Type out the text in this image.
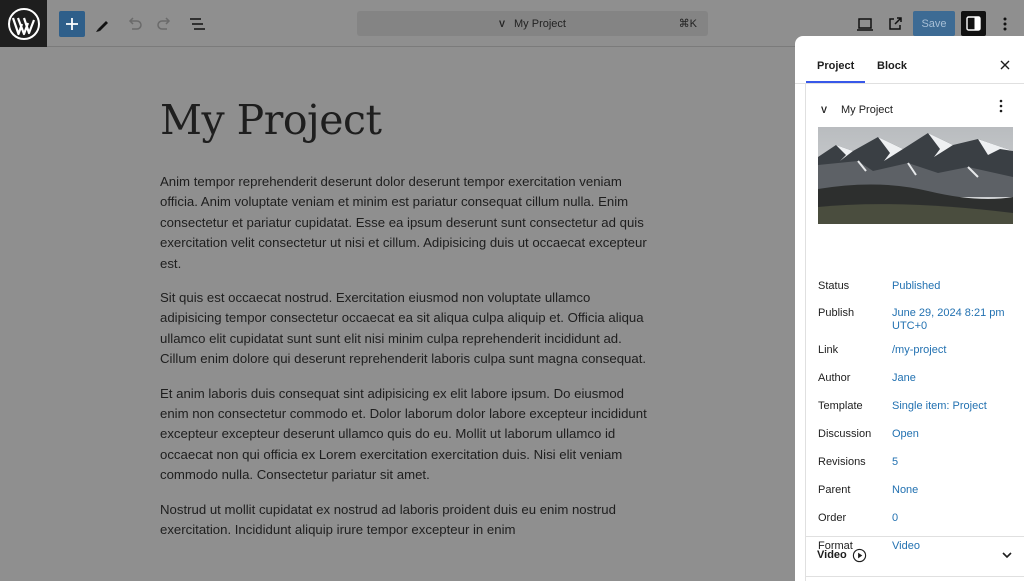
V My Project	⌘K	Save
My Project

Anim tempor reprehenderit deserunt dolor deserunt tempor exercitation veniam officia. Anim voluptate veniam et minim est pariatur consequat cillum nulla. Enim consectetur et pariatur cupidatat. Esse ea ipsum deserunt sunt consectetur ad quis exercitation velit consectetur ut nisi et cillum. Adipisicing duis ut occaecat excepteur est.

Sit quis est occaecat nostrud. Exercitation eiusmod non voluptate ullamco adipisicing tempor consectetur occaecat ea sit aliqua culpa aliquip et. Officia aliqua ullamco elit cupidatat sunt sunt elit nisi minim culpa reprehenderit incididunt ad. Cillum enim dolore qui deserunt reprehenderit laboris culpa sunt magna consequat.

Et anim laboris duis consequat sint adipisicing ex elit labore ipsum. Do eiusmod enim non consectetur commodo et. Dolor laborum dolor labore excepteur incididunt excepteur excepteur deserunt ullamco quis do eu. Mollit ut laborum ullamco id occaecat non qui officia ex Lorem exercitation exercitation duis. Nisi elit veniam commodo nulla. Consectetur pariatur sit amet.

Nostrud ut mollit cupidatat ex nostrud ad laboris proident duis eu enim nostrud exercitation. Incididunt aliquip irure tempor excepteur in enim

Project Block
V	My Project
Status	Published
Publish	June 29, 2024 8:21 pm UTC+0
Link	/my-project
Author	Jane
Template	Single item: Project
Discussion	Open
Revisions	5
Parent	None
Order	0
Format	Video
Video
